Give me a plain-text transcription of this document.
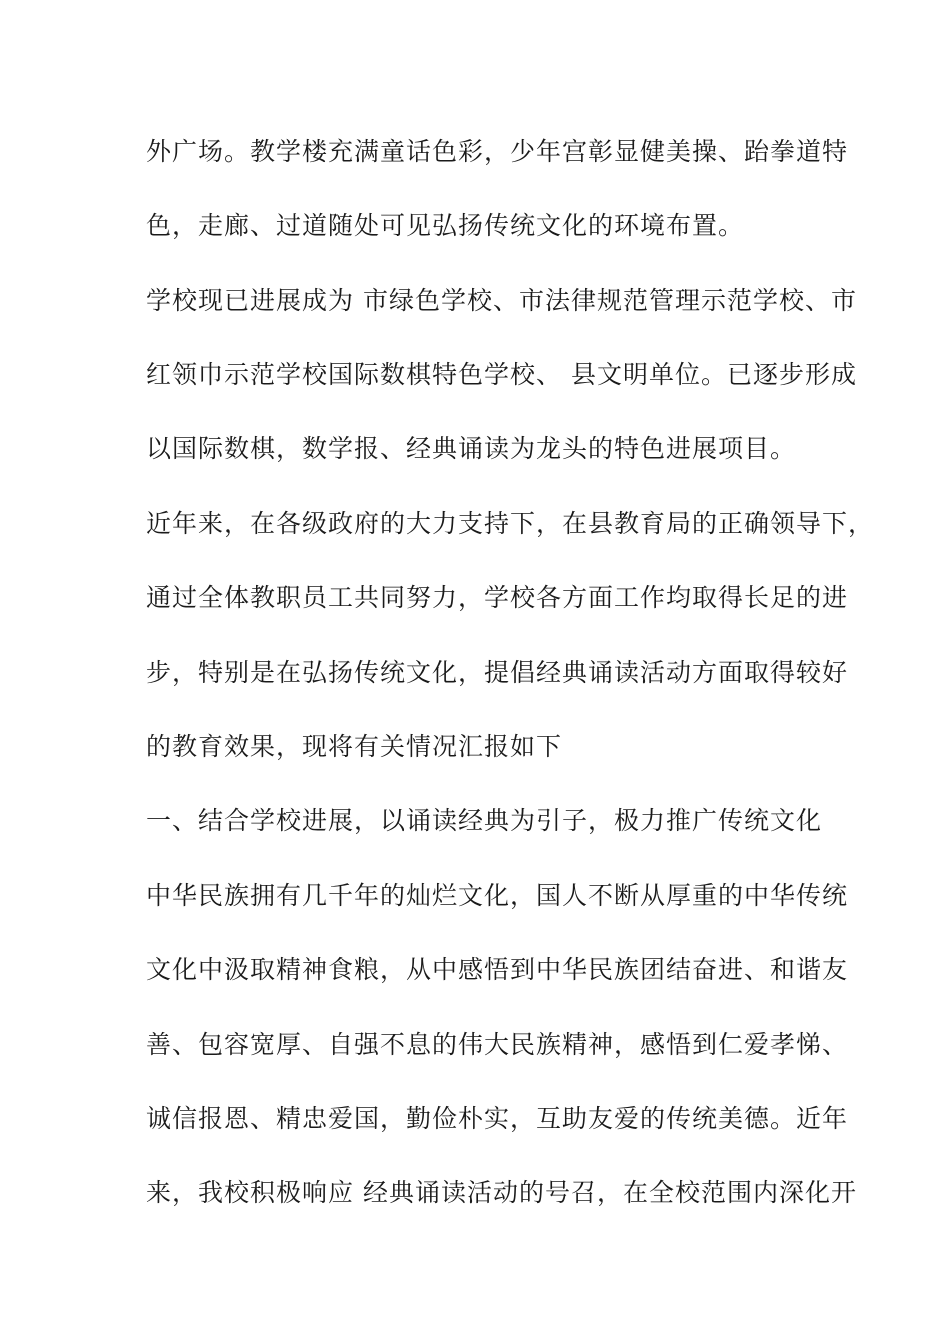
外广场。教学楼充满童话色彩，少年宫彰显健美操、跆拳道特
色，走廊、过道随处可见弘扬传统文化的环境布置。
学校现已进展成为 市绿色学校、市法律规范管理示范学校、市
红领巾示范学校国际数棋特色学校、 县文明单位。已逐步形成
以国际数棋，数学报、经典诵读为龙头的特色进展项目。
近年来，在各级政府的大力支持下，在县教育局的正确领导下，
通过全体教职员工共同努力，学校各方面工作均取得长足的进
步，特别是在弘扬传统文化，提倡经典诵读活动方面取得较好
的教育效果，现将有关情况汇报如下
一、结合学校进展，以诵读经典为引子，极力推广传统文化
中华民族拥有几千年的灿烂文化，国人不断从厚重的中华传统
文化中汲取精神食粮，从中感悟到中华民族团结奋进、和谐友
善、包容宽厚、自强不息的伟大民族精神，感悟到仁爱孝悌、
诚信报恩、精忠爱国，勤俭朴实，互助友爱的传统美德。近年
来，我校积极响应 经典诵读活动的号召，在全校范围内深化开
